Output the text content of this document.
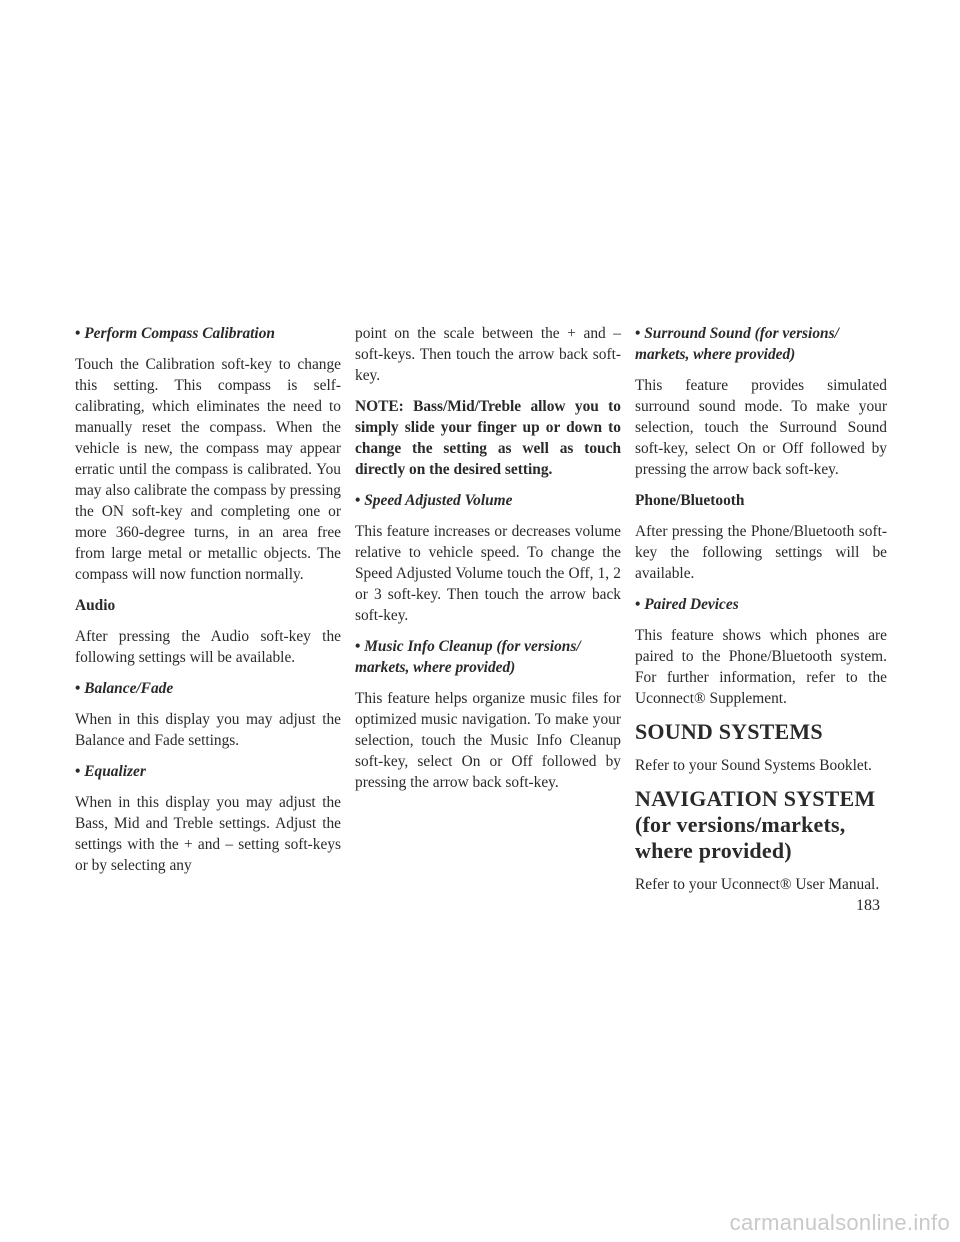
• Perform Compass Calibration

Touch the Calibration soft-key to change this setting. This compass is self-calibrating, which eliminates the need to manually reset the compass. When the vehicle is new, the compass may appear erratic until the compass is calibrated. You may also calibrate the compass by pressing the ON soft-key and completing one or more 360-degree turns, in an area free from large metal or metallic objects. The compass will now function normally.

Audio

After pressing the Audio soft-key the following settings will be available.

• Balance/Fade

When in this display you may adjust the Balance and Fade settings.

• Equalizer

When in this display you may adjust the Bass, Mid and Treble settings. Adjust the settings with the + and – setting soft-keys or by selecting any

point on the scale between the + and – soft-keys. Then touch the arrow back soft-key.

NOTE: Bass/Mid/Treble allow you to simply slide your finger up or down to change the setting as well as touch directly on the desired setting.

• Speed Adjusted Volume

This feature increases or decreases volume relative to vehicle speed. To change the Speed Adjusted Volume touch the Off, 1, 2 or 3 soft-key. Then touch the arrow back soft-key.

• Music Info Cleanup (for versions/ markets, where provided)

This feature helps organize music files for optimized music navigation. To make your selection, touch the Music Info Cleanup soft-key, select On or Off followed by pressing the arrow back soft-key.

• Surround Sound (for versions/ markets, where provided)

This feature provides simulated surround sound mode. To make your selection, touch the Surround Sound soft-key, select On or Off followed by pressing the arrow back soft-key.

Phone/Bluetooth

After pressing the Phone/Bluetooth soft-key the following settings will be available.

• Paired Devices

This feature shows which phones are paired to the Phone/Bluetooth system. For further information, refer to the Uconnect® Supplement.

SOUND SYSTEMS

Refer to your Sound Systems Booklet.

NAVIGATION SYSTEM (for versions/markets, where provided)

Refer to your Uconnect® User Manual.

183
carmanualsonline.info
